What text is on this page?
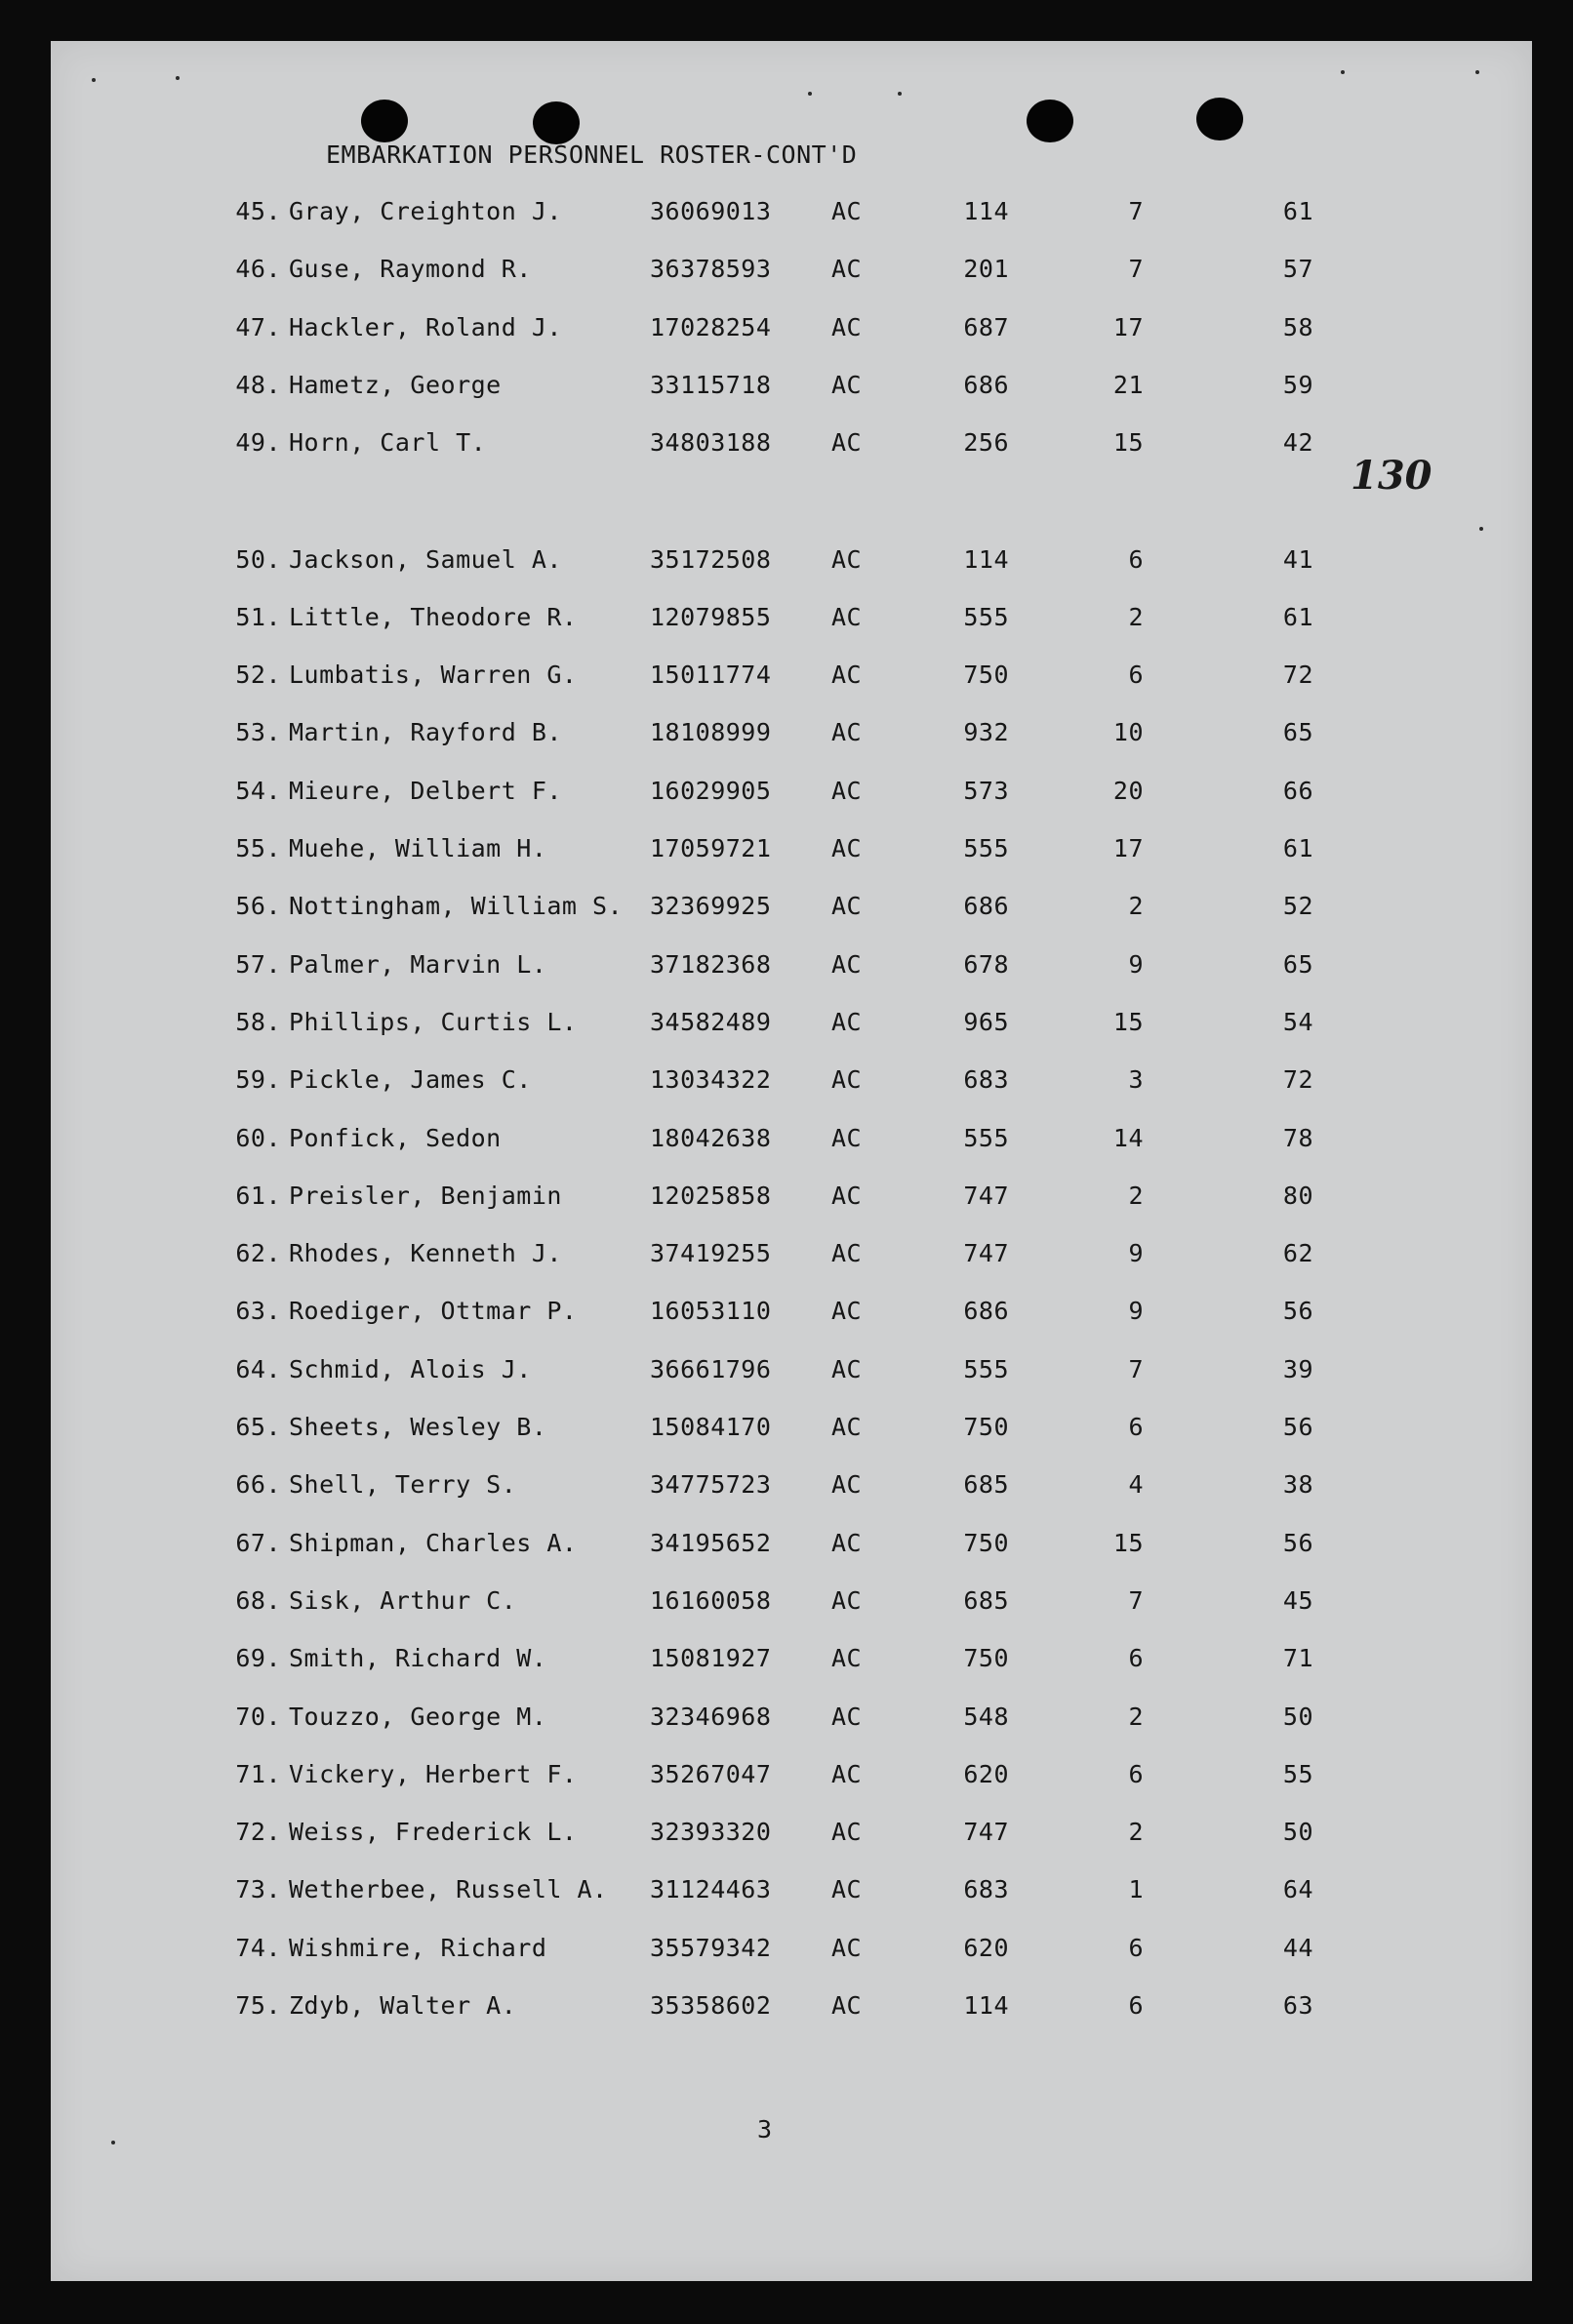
EMBARKATION PERSONNEL ROSTER-CONT'D
130
45. Gray, Creighton J.	36069013 AC	114	7	61
46. Guse, Raymond R.	36378593 AC	201	7	57
47. Hackler, Roland J.	17028254 AC	687	17	58
48. Hametz, George	33115718 AC	686	21	59
49. Horn, Carl T.	34803188 AC	256	15	42
50. Jackson, Samuel A.	35172508 AC	114	6	41
51. Little, Theodore R.	12079855 AC	555	2	61
52. Lumbatis, Warren G.	15011774 AC	750	6	72
53. Martin, Rayford B.	18108999 AC	932	10	65
54. Mieure, Delbert F.	16029905 AC	573	20	66
55. Muehe, William H.	17059721 AC	555	17	61
56. Nottingham, William S. 32369925 AC	686	2	52
57. Palmer, Marvin L.	37182368 AC	678	9	65
58. Phillips, Curtis L.	34582489 AC	965	15	54
59. Pickle, James C.	13034322 AC	683	3	72
60. Ponfick, Sedon	18042638 AC	555	14	78
61. Preisler, Benjamin	12025858 AC	747	2	80
62. Rhodes, Kenneth J.	37419255 AC	747	9	62
63. Roediger, Ottmar P.	16053110 AC	686	9	56
64. Schmid, Alois J.	36661796 AC	555	7	39
65. Sheets, Wesley B.	15084170 AC	750	6	56
66. Shell, Terry S.	34775723 AC	685	4	38
67. Shipman, Charles A.	34195652 AC	750	15	56
68. Sisk, Arthur C.	16160058 AC	685	7	45
69. Smith, Richard W.	15081927 AC	750	6	71
70. Touzzo, George M.	32346968 AC	548	2	50
71. Vickery, Herbert F.	35267047 AC	620	6	55
72. Weiss, Frederick L.	32393320 AC	747	2	50
73. Wetherbee, Russell A. 31124463 AC	683	1	64
74. Wishmire, Richard	35579342 AC	620	6	44
75. Zdyb, Walter A.	35358602 AC	114	6	63
3
